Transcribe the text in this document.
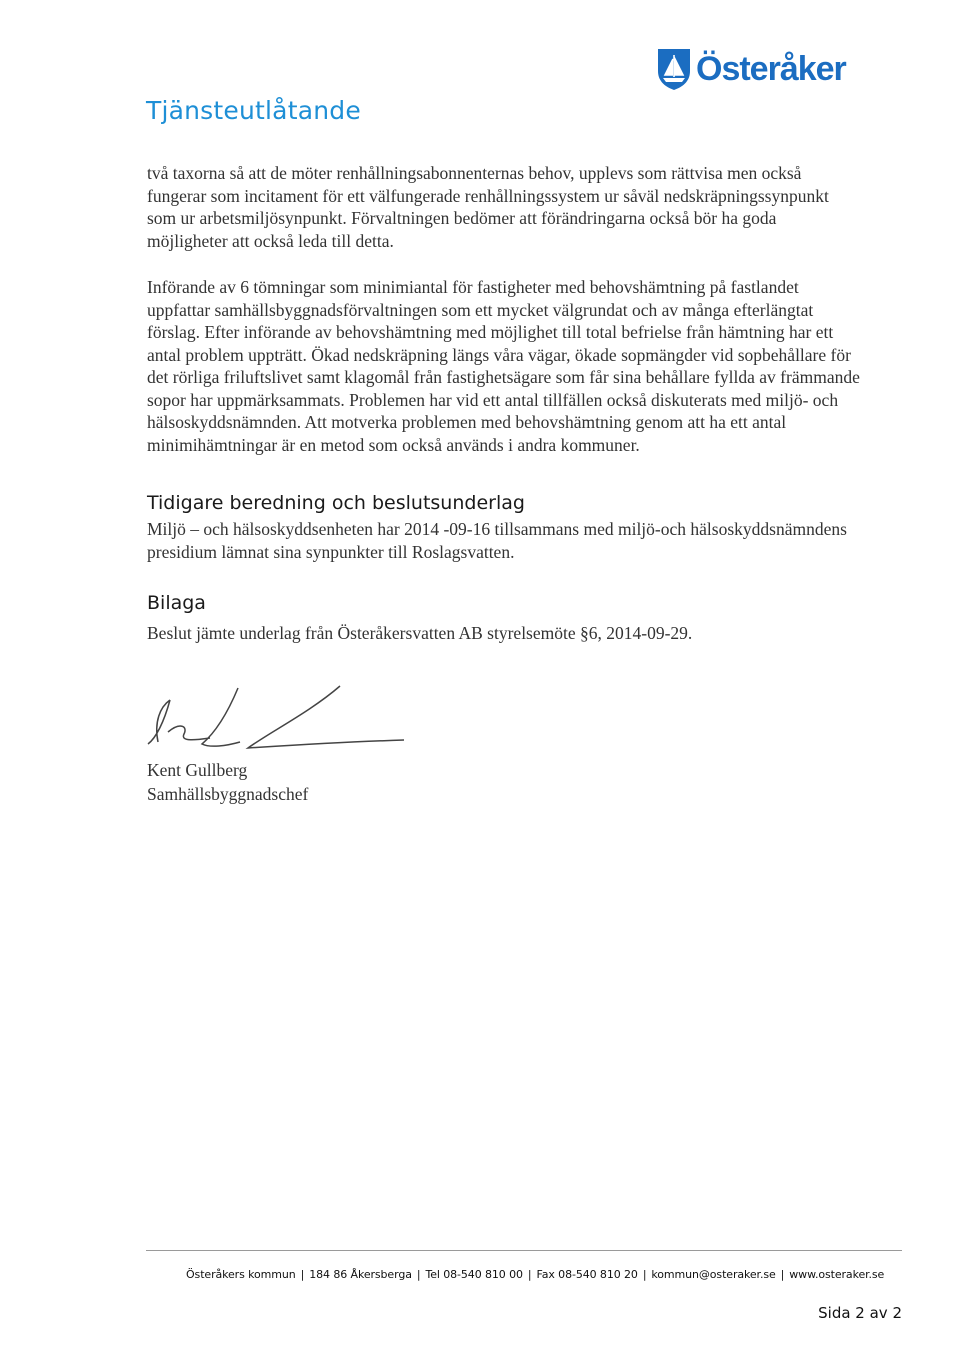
Tjänsteutlåtande
Österåker

två taxorna så att de möter renhållningsabonnenternas behov, upplevs som rättvisa men också

fungerar som incitament för ett välfungerade renhållningssystem ur såväl nedskräpningssynpunkt

som ur arbetsmiljösynpunkt. Förvaltningen bedömer att förändringarna också bör ha goda

möjligheter att också leda till detta.

Införande av 6 tömningar som minimiantal för fastigheter med behovshämtning på fastlandet

uppfattar samhällsbyggnadsförvaltningen som ett mycket välgrundat och av många efterlängtat

förslag. Efter införande av behovshämtning med möjlighet till total befrielse från hämtning har ett

antal problem uppträtt. Ökad nedskräpning längs våra vägar, ökade sopmängder vid sopbehållare för

det rörliga friluftslivet samt klagomål från fastighetsägare som får sina behållare fyllda av främmande

sopor har uppmärksammats. Problemen har vid ett antal tillfällen också diskuterats med miljö- och

hälsoskyddsnämnden. Att motverka problemen med behovshämtning genom att ha ett antal

minimihämtningar är en metod som också används i andra kommuner.

Tidigare beredning och beslutsunderlag

Miljö – och hälsoskyddsenheten har 2014 -09-16 tillsammans med miljö-och hälsoskyddsnämndens

presidium lämnat sina synpunkter till Roslagsvatten.

Bilaga

Beslut jämte underlag från Österåkersvatten AB styrelsemöte §6, 2014-09-29.

Kent Gullberg
Samhällsbyggnadschef
Österåkers kommun | 184 86 Åkersberga | Tel 08-540 810 00 | Fax 08-540 810 20 | kommun@osteraker.se | www.osteraker.se
Sida 2 av 2
